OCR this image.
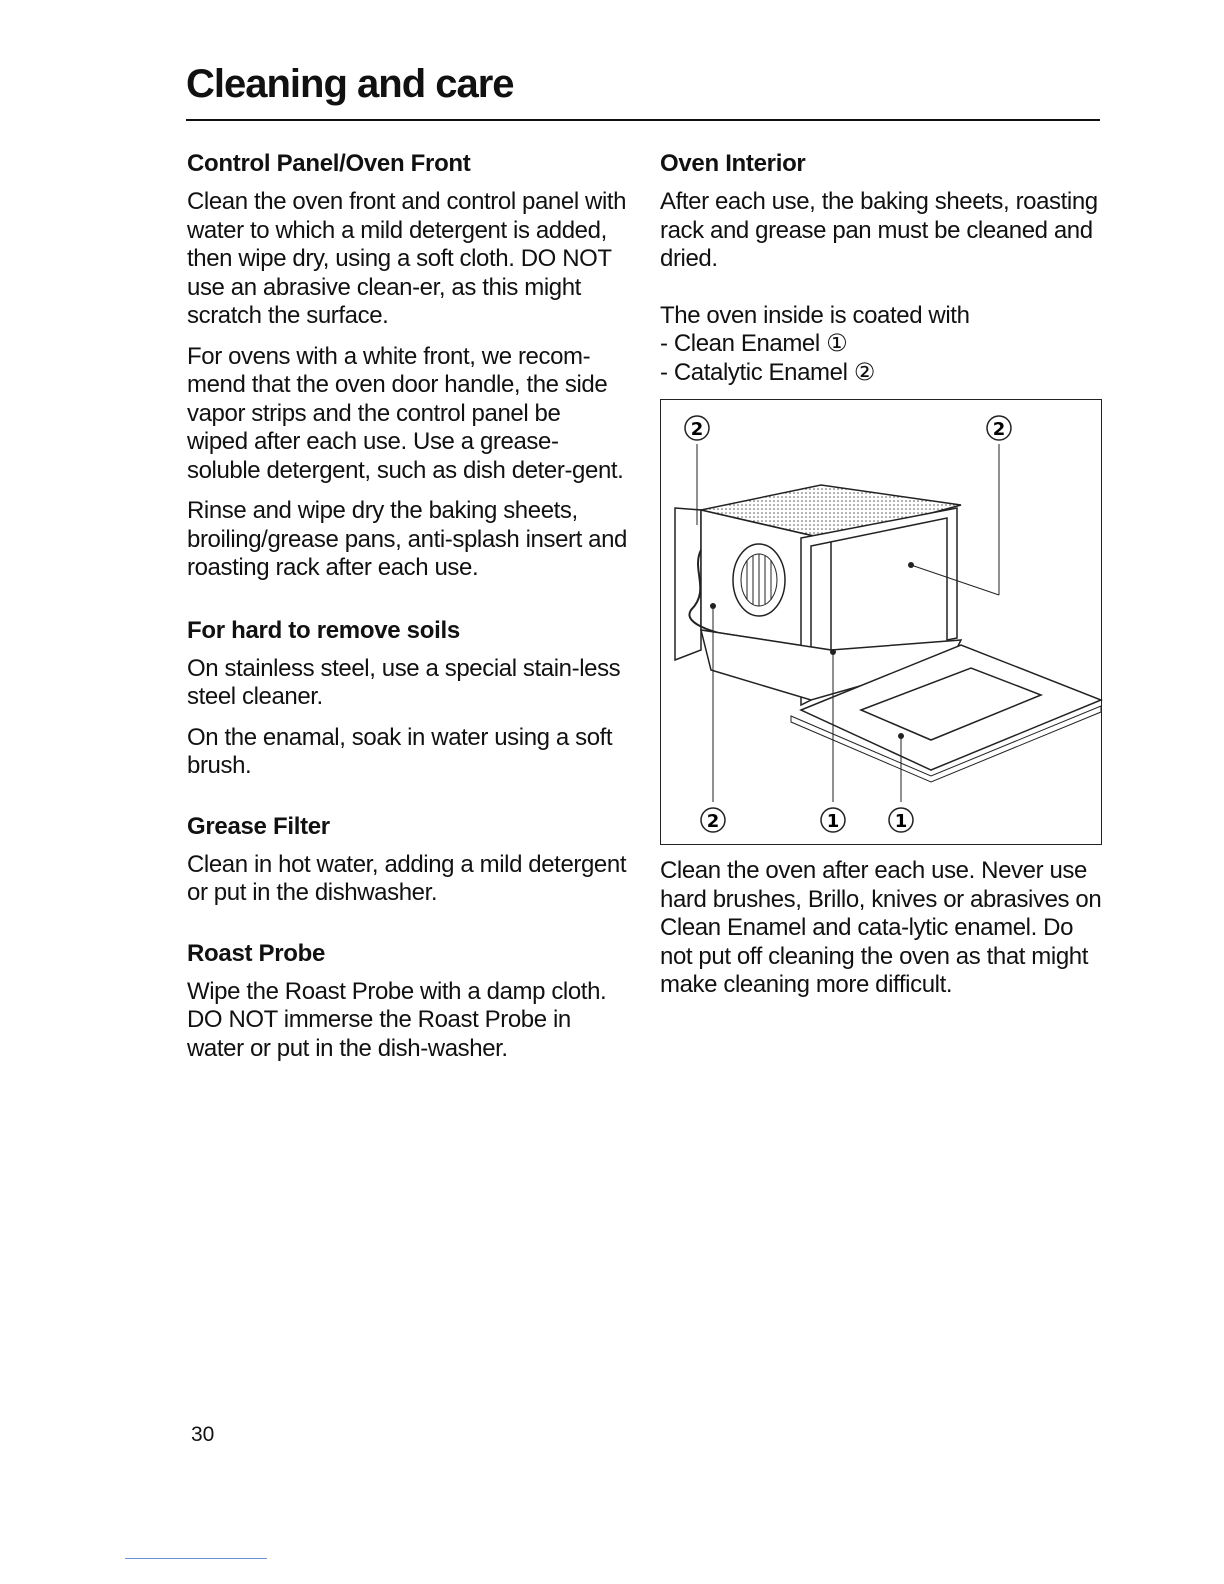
Cleaning and care
Control Panel/Oven Front

Clean the oven front and control panel with water to which a mild detergent is added, then wipe dry, using a soft cloth. DO NOT use an abrasive clean-er, as this might scratch the surface.

For ovens with a white front, we recom-mend that the oven door handle, the side vapor strips and the control panel be wiped after each use. Use a grease-soluble detergent, such as dish deter-gent.

Rinse and wipe dry the baking sheets, broiling/grease pans, anti-splash insert and roasting rack after each use.

For hard to remove soils

On stainless steel, use a special stain-less steel cleaner.

On the enamal, soak in water using a soft brush.

Grease Filter

Clean in hot water, adding a mild detergent or put in the dishwasher.

Roast Probe

Wipe the Roast Probe with a damp cloth. DO NOT immerse the Roast Probe in water or put in the dish-washer.

Oven Interior

After each use, the baking sheets, roasting rack and grease pan must be cleaned and dried.

The oven inside is coated with

- Clean Enamel ①
- Catalytic Enamel ②
2	2
2	1	1

Clean the oven after each use. Never use hard brushes, Brillo, knives or abrasives on Clean Enamel and cata-lytic enamel. Do not put off cleaning the oven as that might make cleaning more difficult.

30
